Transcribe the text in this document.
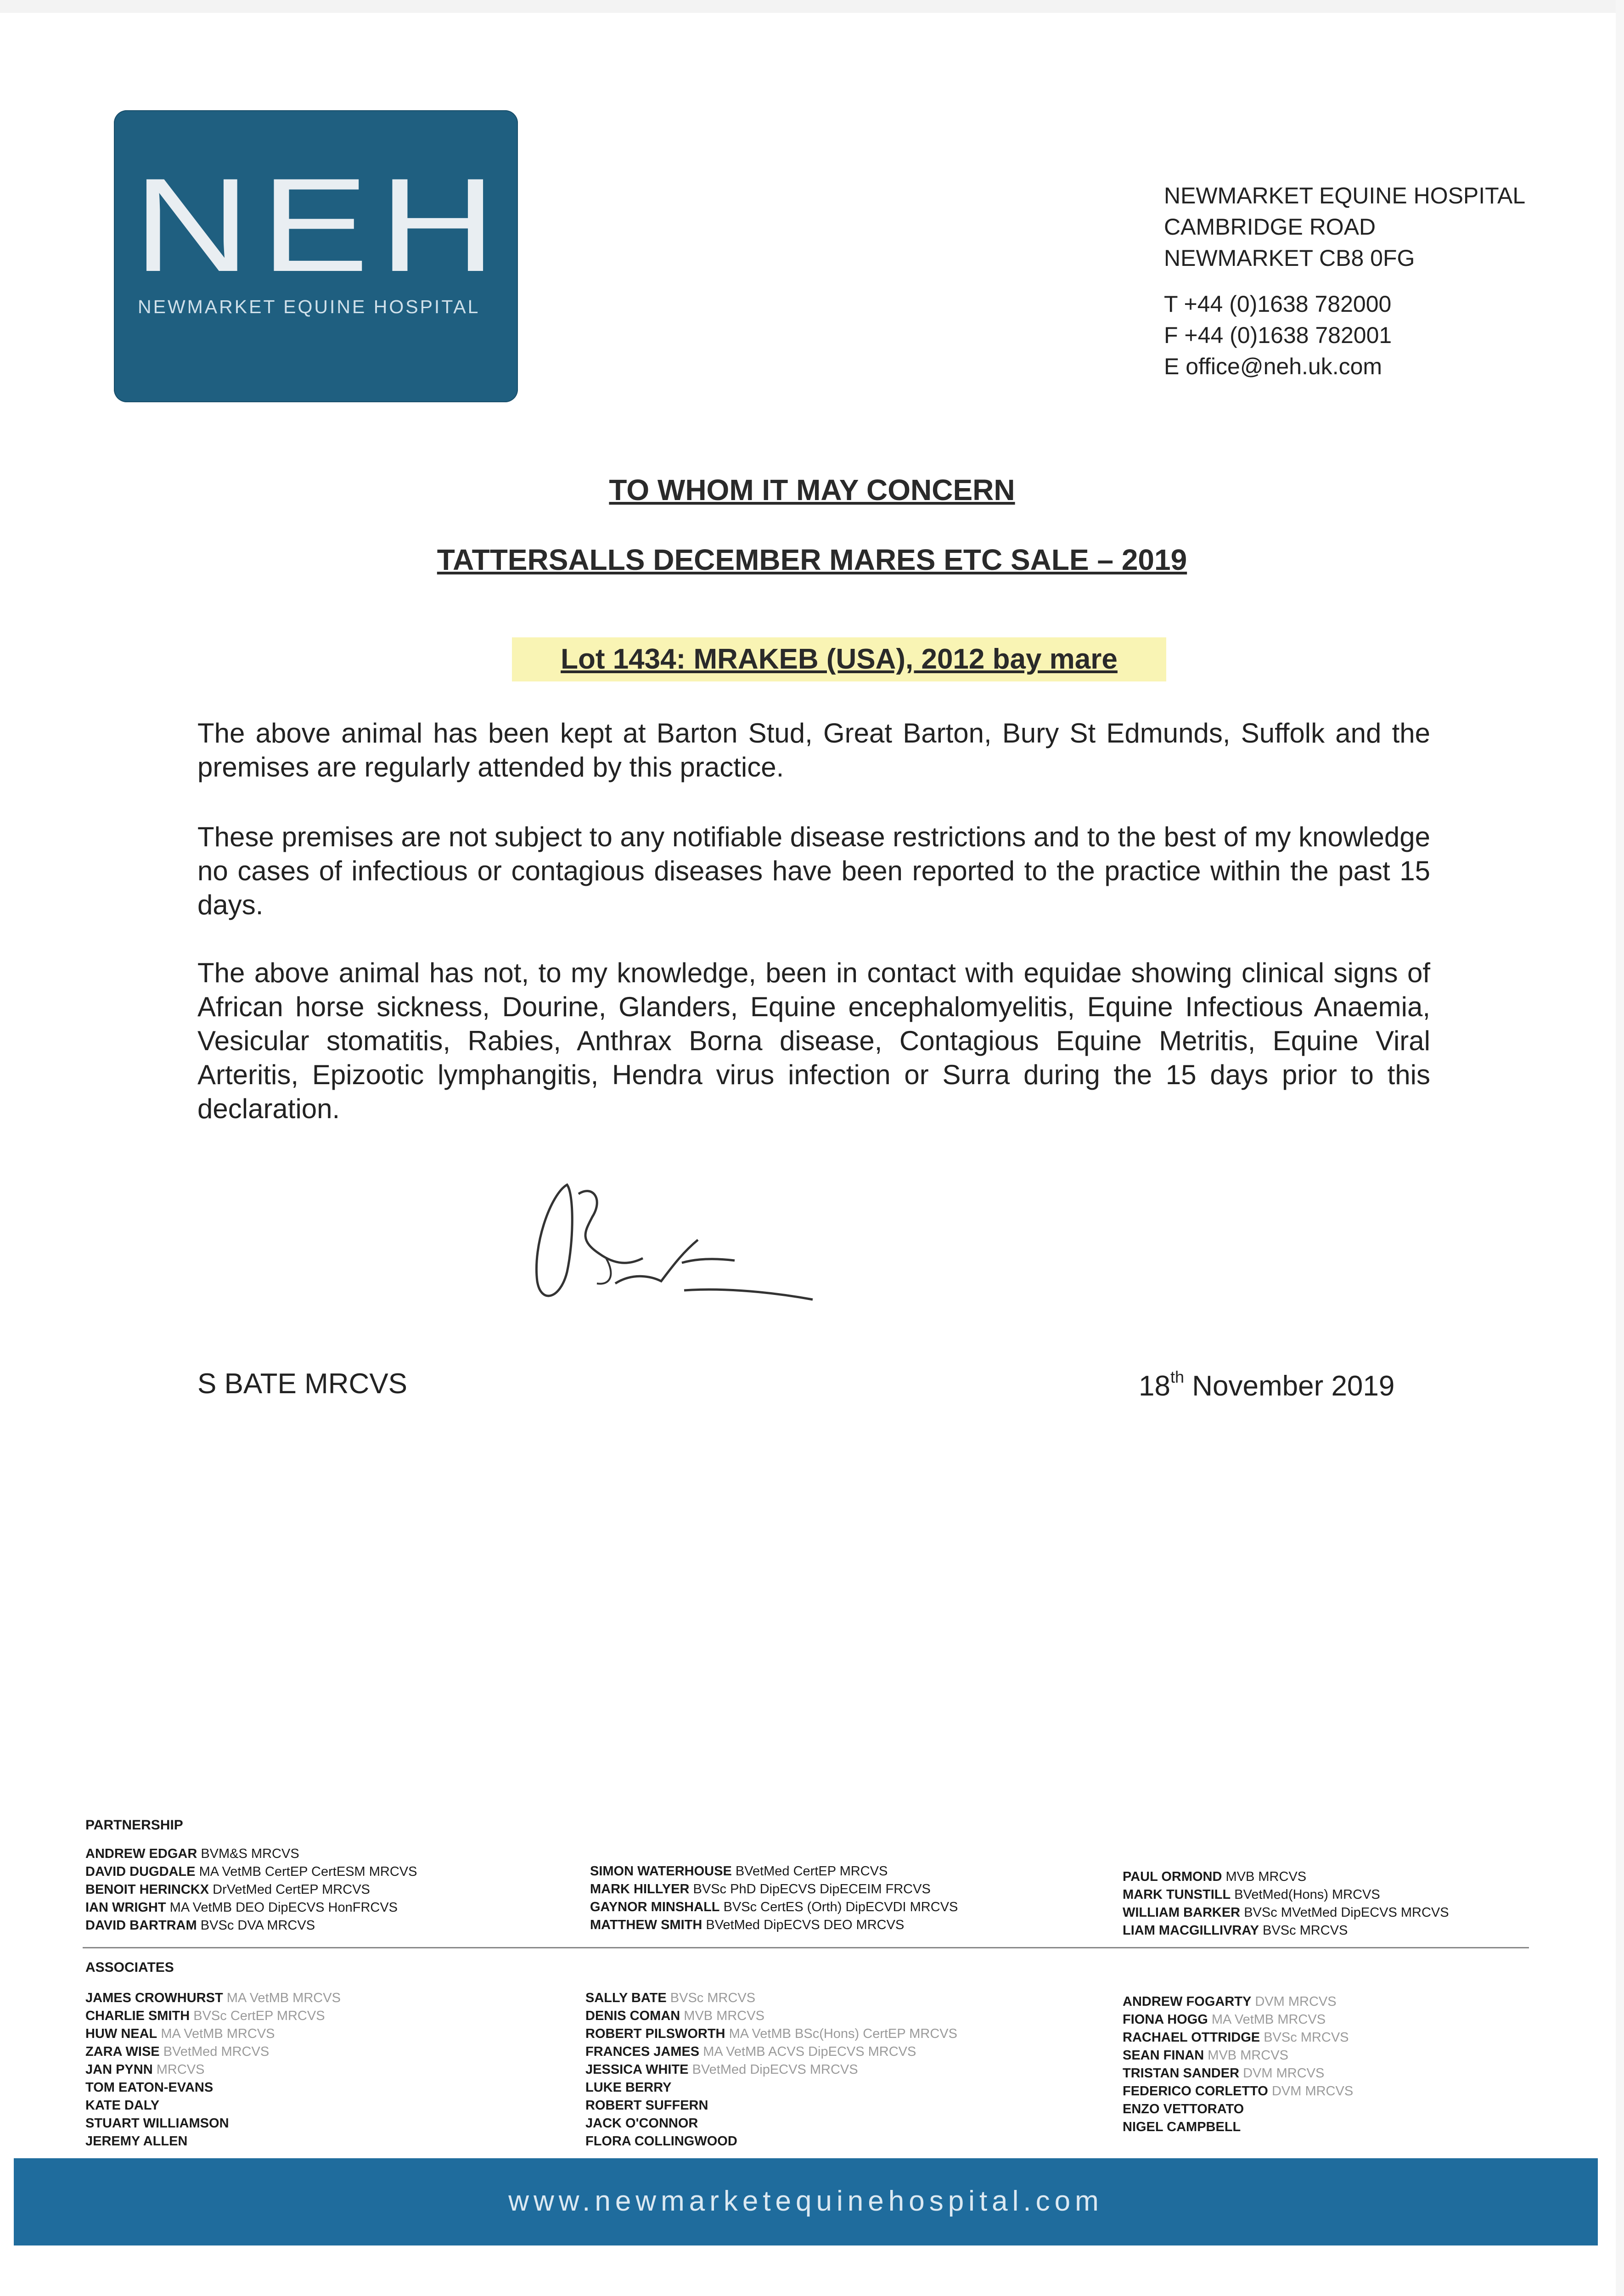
NEH
NEWMARKET EQUINE HOSPITAL
NEWMARKET EQUINE HOSPITAL
CAMBRIDGE ROAD
NEWMARKET CB8 0FG
T +44 (0)1638 782000
F +44 (0)1638 782001
E office@neh.uk.com
TO WHOM IT MAY CONCERN
TATTERSALLS DECEMBER MARES ETC SALE – 2019
Lot 1434: MRAKEB (USA), 2012 bay mare
The above animal has been kept at Barton Stud, Great Barton, Bury St Edmunds, Suffolk and the premises are regularly attended by this practice.
These premises are not subject to any notifiable disease restrictions and to the best of my knowledge no cases of infectious or contagious diseases have been reported to the practice within the past 15 days.
The above animal has not, to my knowledge, been in contact with equidae showing clinical signs of African horse sickness, Dourine, Glanders, Equine encephalomyelitis, Equine Infectious Anaemia, Vesicular stomatitis, Rabies, Anthrax Borna disease, Contagious Equine Metritis, Equine Viral Arteritis, Epizootic lymphangitis, Hendra virus infection or Surra during the 15 days prior to this declaration.
S BATE MRCVS	18th November 2019
PARTNERSHIP
ANDREW EDGAR BVM&S MRCVS
DAVID DUGDALE MA VetMB CertEP CertESM MRCVS
BENOIT HERINCKX DrVetMed CertEP MRCVS
IAN WRIGHT MA VetMB DEO DipECVS HonFRCVS
DAVID BARTRAM BVSc DVA MRCVS
SIMON WATERHOUSE BVetMed CertEP MRCVS
MARK HILLYER BVSc PhD DipECVS DipECEIM FRCVS
GAYNOR MINSHALL BVSc CertES (Orth) DipECVDI MRCVS
MATTHEW SMITH BVetMed DipECVS DEO MRCVS
PAUL ORMOND MVB MRCVS
MARK TUNSTILL BVetMed(Hons) MRCVS
WILLIAM BARKER BVSc MVetMed DipECVS MRCVS
LIAM MACGILLIVRAY BVSc MRCVS
ASSOCIATES
JAMES CROWHURST MA VetMB MRCVS
CHARLIE SMITH BVSc CertEP MRCVS
HUW NEAL MA VetMB MRCVS
ZARA WISE BVetMed MRCVS
JAN PYNN MRCVS
TOM EATON-EVANS
KATE DALY
STUART WILLIAMSON
JEREMY ALLEN
SALLY BATE BVSc MRCVS
DENIS COMAN MVB MRCVS
ROBERT PILSWORTH MA VetMB BSc(Hons) CertEP MRCVS
FRANCES JAMES MA VetMB ACVS DipECVS MRCVS
JESSICA WHITE BVetMed DipECVS MRCVS
LUKE BERRY
ROBERT SUFFERN
JACK O'CONNOR
FLORA COLLINGWOOD
ANDREW FOGARTY DVM MRCVS
FIONA HOGG MA VetMB MRCVS
RACHAEL OTTRIDGE BVSc MRCVS
SEAN FINAN MVB MRCVS
TRISTAN SANDER DVM MRCVS
FEDERICO CORLETTO DVM MRCVS
ENZO VETTORATO
NIGEL CAMPBELL
www.newmarketequinehospital.com
